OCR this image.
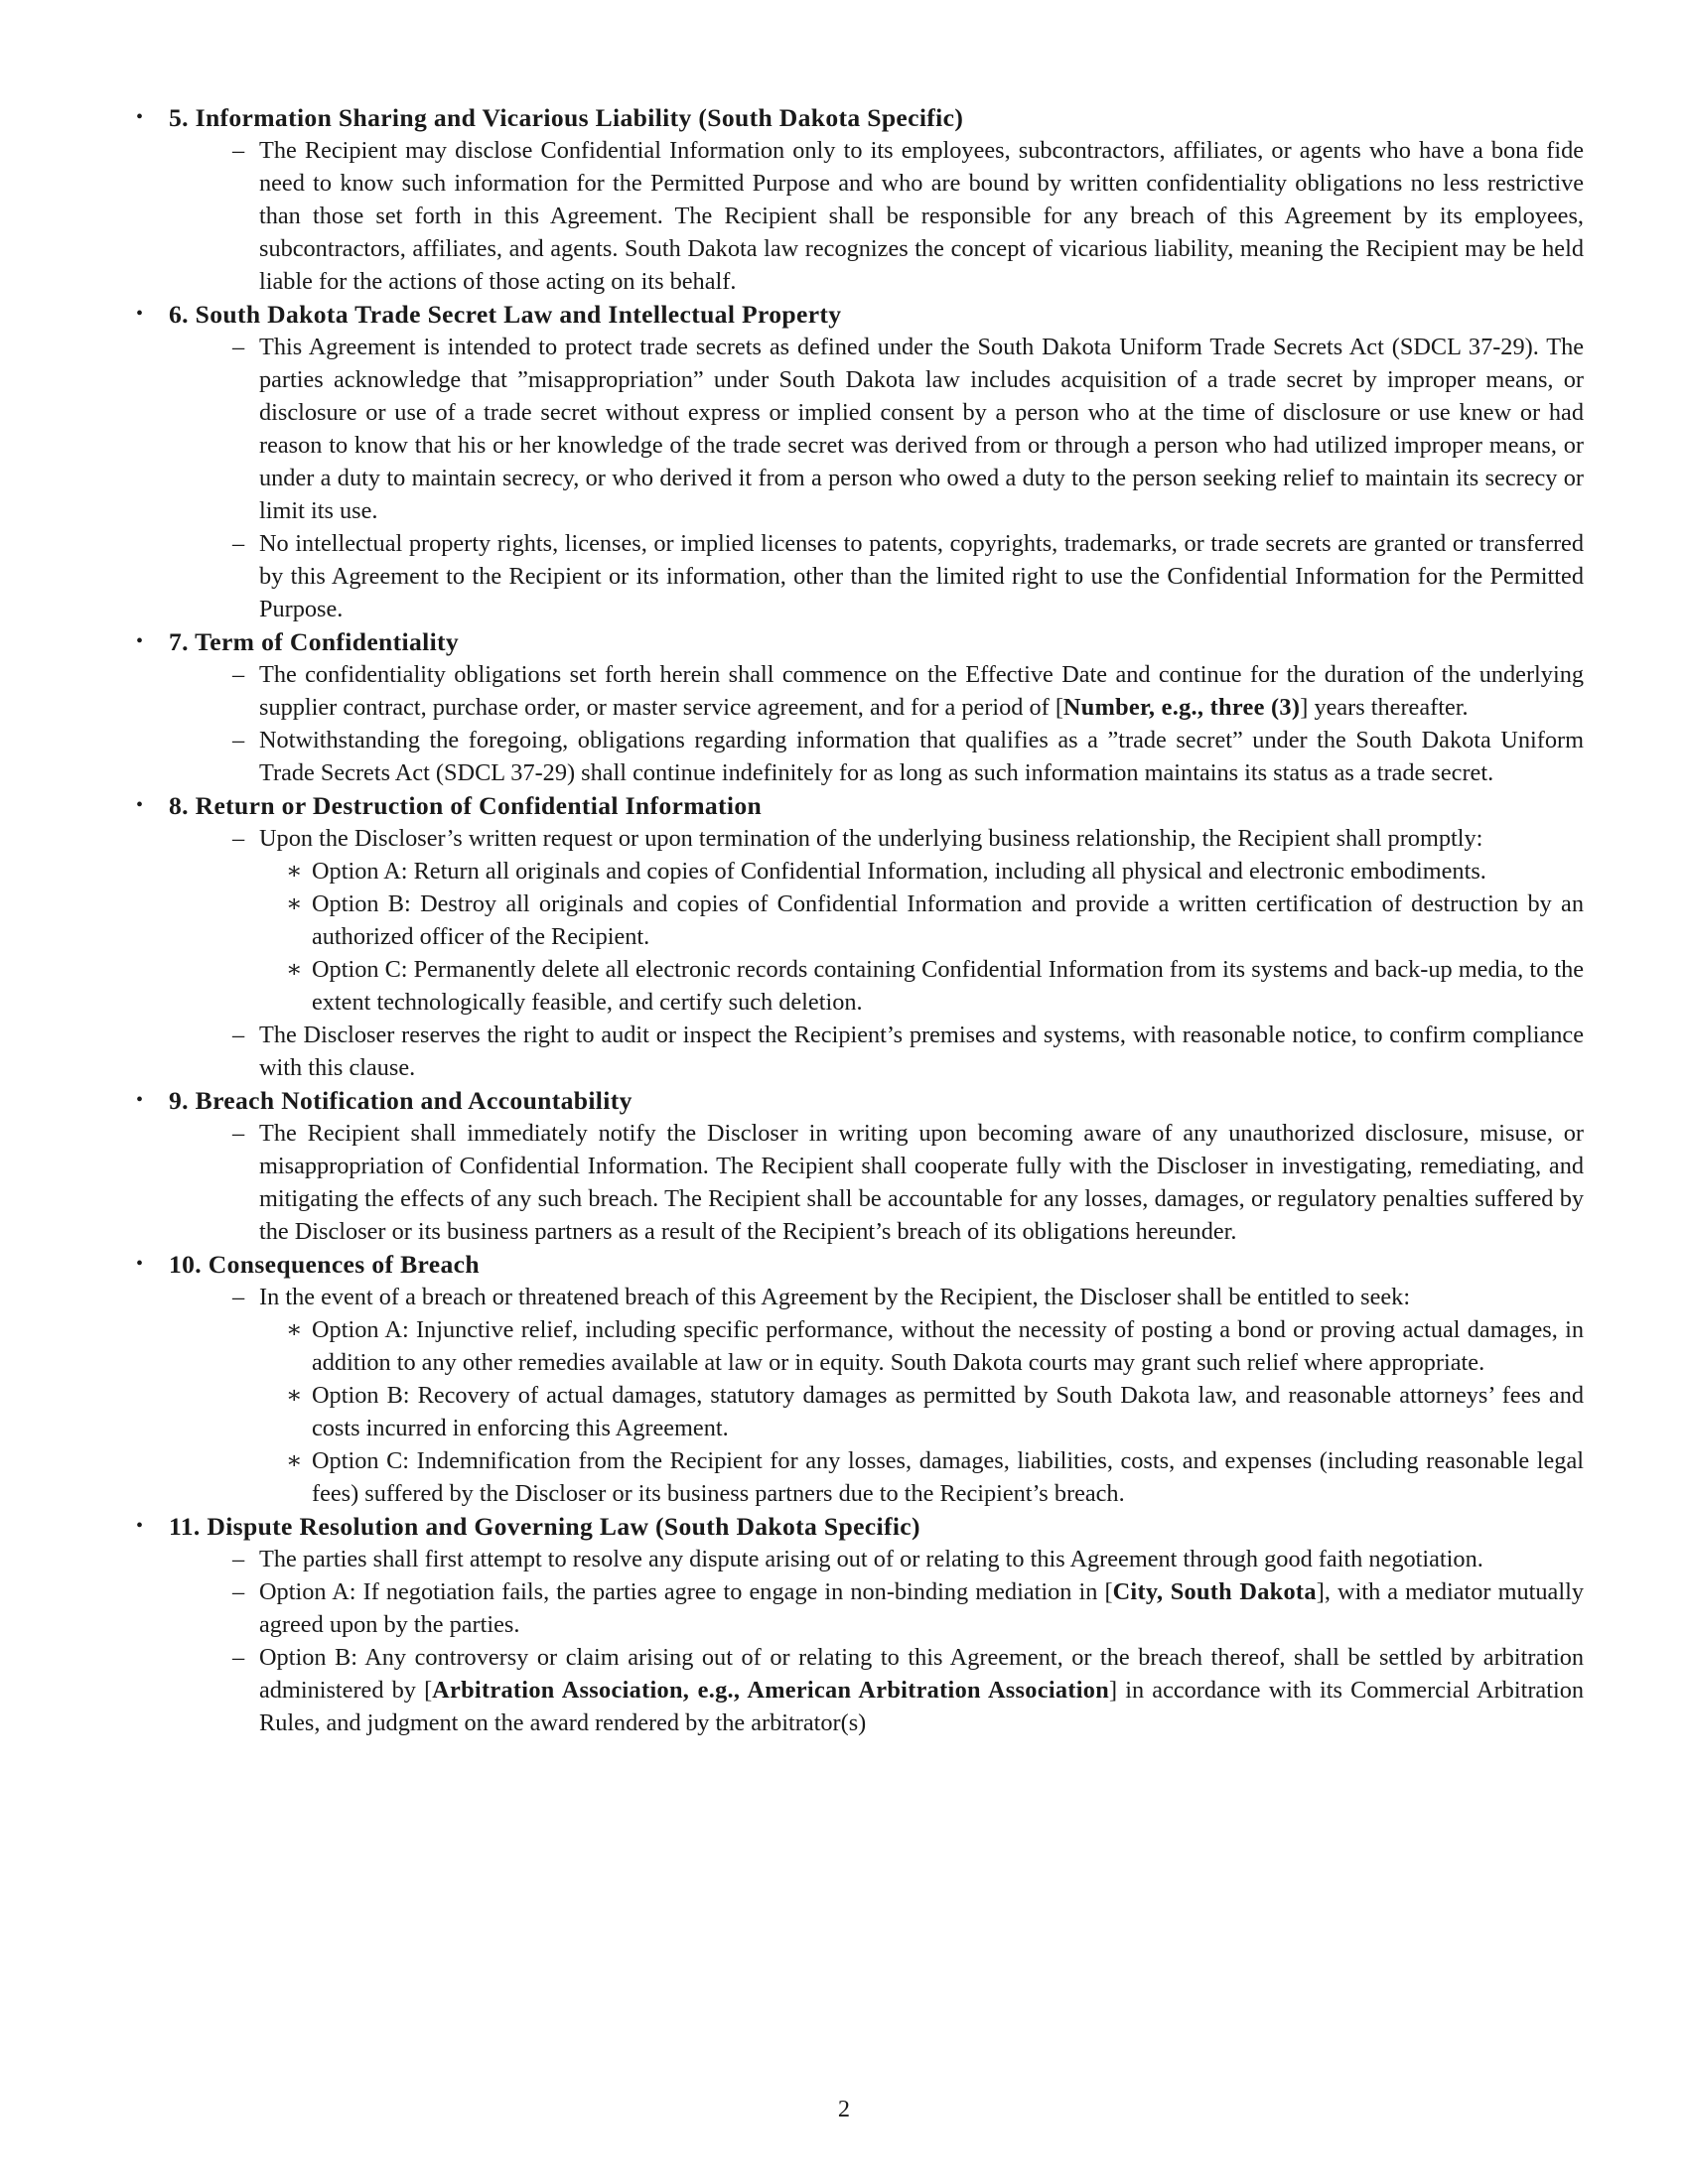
• 5. Information Sharing and Vicarious Liability (South Dakota Specific)
– The Recipient may disclose Confidential Information only to its employees, subcontractors, affiliates, or agents who have a bona fide need to know such information for the Permitted Purpose and who are bound by written confidentiality obligations no less restrictive than those set forth in this Agreement. The Recipient shall be responsible for any breach of this Agreement by its employees, subcontractors, affiliates, and agents. South Dakota law recognizes the concept of vicarious liability, meaning the Recipient may be held liable for the actions of those acting on its behalf.
• 6. South Dakota Trade Secret Law and Intellectual Property
– This Agreement is intended to protect trade secrets as defined under the South Dakota Uniform Trade Secrets Act (SDCL 37-29). The parties acknowledge that ”misappropriation” under South Dakota law includes acquisition of a trade secret by improper means, or disclosure or use of a trade secret without express or implied consent by a person who at the time of disclosure or use knew or had reason to know that his or her knowledge of the trade secret was derived from or through a person who had utilized improper means, or under a duty to maintain secrecy, or who derived it from a person who owed a duty to the person seeking relief to maintain its secrecy or limit its use.
– No intellectual property rights, licenses, or implied licenses to patents, copyrights, trademarks, or trade secrets are granted or transferred by this Agreement to the Recipient or its information, other than the limited right to use the Confidential Information for the Permitted Purpose.
• 7. Term of Confidentiality
– The confidentiality obligations set forth herein shall commence on the Effective Date and continue for the duration of the underlying supplier contract, purchase order, or master service agreement, and for a period of [Number, e.g., three (3)] years thereafter.
– Notwithstanding the foregoing, obligations regarding information that qualifies as a ”trade secret” under the South Dakota Uniform Trade Secrets Act (SDCL 37-29) shall continue indefinitely for as long as such information maintains its status as a trade secret.
• 8. Return or Destruction of Confidential Information
– Upon the Discloser’s written request or upon termination of the underlying business relationship, the Recipient shall promptly:
∗ Option A: Return all originals and copies of Confidential Information, including all physical and electronic embodiments.
∗ Option B: Destroy all originals and copies of Confidential Information and provide a written certification of destruction by an authorized officer of the Recipient.
∗ Option C: Permanently delete all electronic records containing Confidential Information from its systems and back-up media, to the extent technologically feasible, and certify such deletion.
– The Discloser reserves the right to audit or inspect the Recipient’s premises and systems, with reasonable notice, to confirm compliance with this clause.
• 9. Breach Notification and Accountability
– The Recipient shall immediately notify the Discloser in writing upon becoming aware of any unauthorized disclosure, misuse, or misappropriation of Confidential Information. The Recipient shall cooperate fully with the Discloser in investigating, remediating, and mitigating the effects of any such breach. The Recipient shall be accountable for any losses, damages, or regulatory penalties suffered by the Discloser or its business partners as a result of the Recipient’s breach of its obligations hereunder.
• 10. Consequences of Breach
– In the event of a breach or threatened breach of this Agreement by the Recipient, the Discloser shall be entitled to seek:
∗ Option A: Injunctive relief, including specific performance, without the necessity of posting a bond or proving actual damages, in addition to any other remedies available at law or in equity. South Dakota courts may grant such relief where appropriate.
∗ Option B: Recovery of actual damages, statutory damages as permitted by South Dakota law, and reasonable attorneys’ fees and costs incurred in enforcing this Agreement.
∗ Option C: Indemnification from the Recipient for any losses, damages, liabilities, costs, and expenses (including reasonable legal fees) suffered by the Discloser or its business partners due to the Recipient’s breach.
• 11. Dispute Resolution and Governing Law (South Dakota Specific)
– The parties shall first attempt to resolve any dispute arising out of or relating to this Agreement through good faith negotiation.
– Option A: If negotiation fails, the parties agree to engage in non-binding mediation in [City, South Dakota], with a mediator mutually agreed upon by the parties.
– Option B: Any controversy or claim arising out of or relating to this Agreement, or the breach thereof, shall be settled by arbitration administered by [Arbitration Association, e.g., American Arbitration Association] in accordance with its Commercial Arbitration Rules, and judgment on the award rendered by the arbitrator(s)
2
